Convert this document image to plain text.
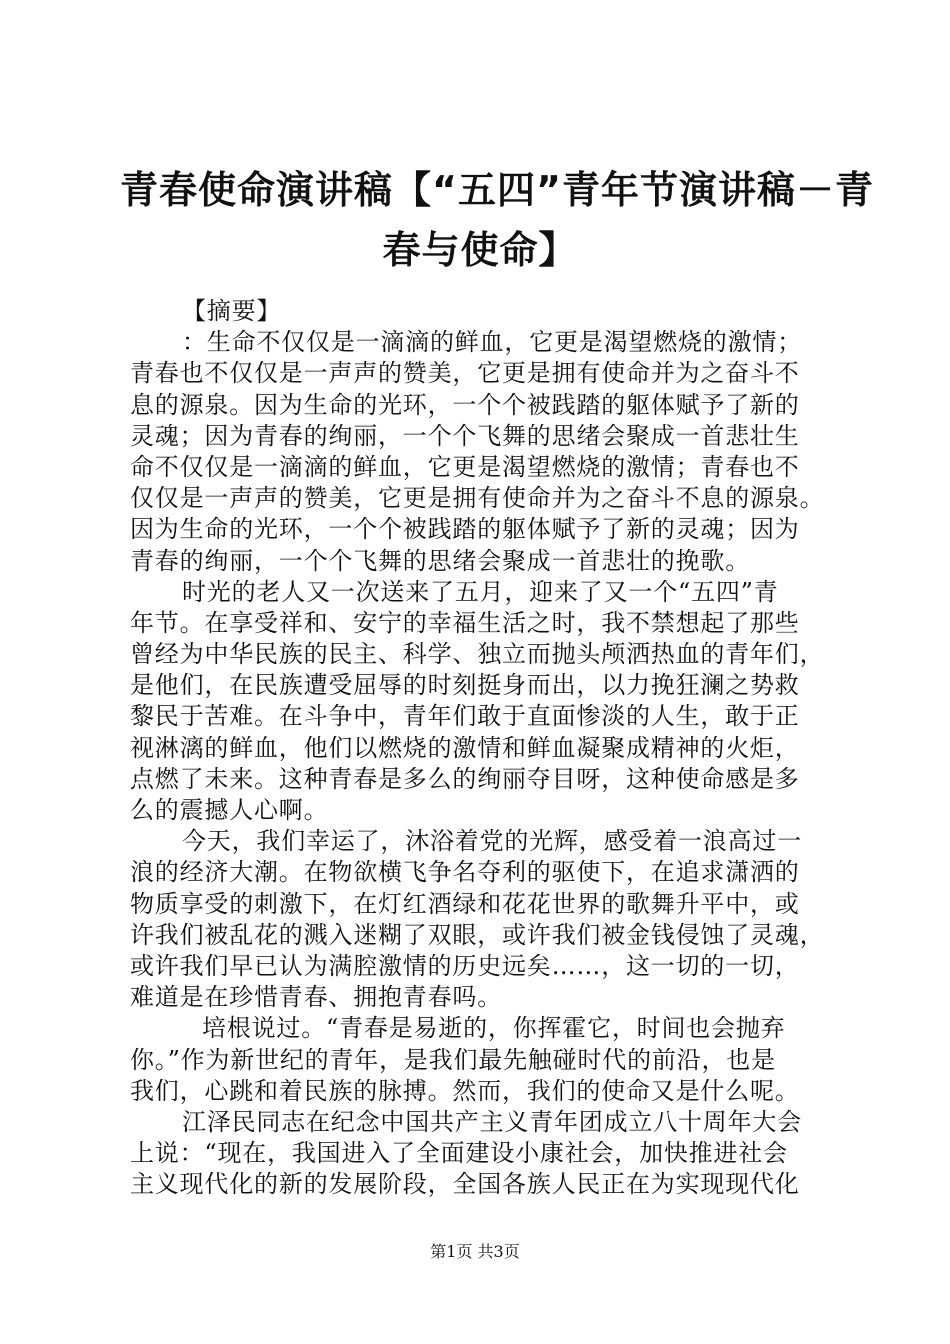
青春使命演讲稿【“五四”青年节演讲稿－青
春与使命】
【摘要】
：生命不仅仅是一滴滴的鲜血，它更是渴望燃烧的激情；
青春也不仅仅是一声声的赞美，它更是拥有使命并为之奋斗不
息的源泉。因为生命的光环，一个个被践踏的躯体赋予了新的
灵魂；因为青春的绚丽，一个个飞舞的思绪会聚成一首悲壮生
命不仅仅是一滴滴的鲜血，它更是渴望燃烧的激情；青春也不
仅仅是一声声的赞美，它更是拥有使命并为之奋斗不息的源泉。
因为生命的光环，一个个被践踏的躯体赋予了新的灵魂；因为
青春的绚丽，一个个飞舞的思绪会聚成一首悲壮的挽歌。
时光的老人又一次送来了五月，迎来了又一个“五四”青
年节。在享受祥和、安宁的幸福生活之时，我不禁想起了那些
曾经为中华民族的民主、科学、独立而抛头颅洒热血的青年们，
是他们，在民族遭受屈辱的时刻挺身而出，以力挽狂澜之势救
黎民于苦难。在斗争中，青年们敢于直面惨淡的人生，敢于正
视淋漓的鲜血，他们以燃烧的激情和鲜血凝聚成精神的火炬，
点燃了未来。这种青春是多么的绚丽夺目呀，这种使命感是多
么的震撼人心啊。
今天，我们幸运了，沐浴着党的光辉，感受着一浪高过一
浪的经济大潮。在物欲横飞争名夺利的驱使下，在追求潇洒的
物质享受的刺激下，在灯红酒绿和花花世界的歌舞升平中，或
许我们被乱花的溅入迷糊了双眼，或许我们被金钱侵蚀了灵魂，
或许我们早已认为满腔激情的历史远矣……，这一切的一切，
难道是在珍惜青春、拥抱青春吗。
培根说过。“青春是易逝的，你挥霍它，时间也会抛弃
你。”作为新世纪的青年，是我们最先触碰时代的前沿，也是
我们，心跳和着民族的脉搏。然而，我们的使命又是什么呢。
江泽民同志在纪念中国共产主义青年团成立八十周年大会
上说：“现在，我国进入了全面建设小康社会，加快推进社会
主义现代化的新的发展阶段，全国各族人民正在为实现现代化
第1页 共3页
